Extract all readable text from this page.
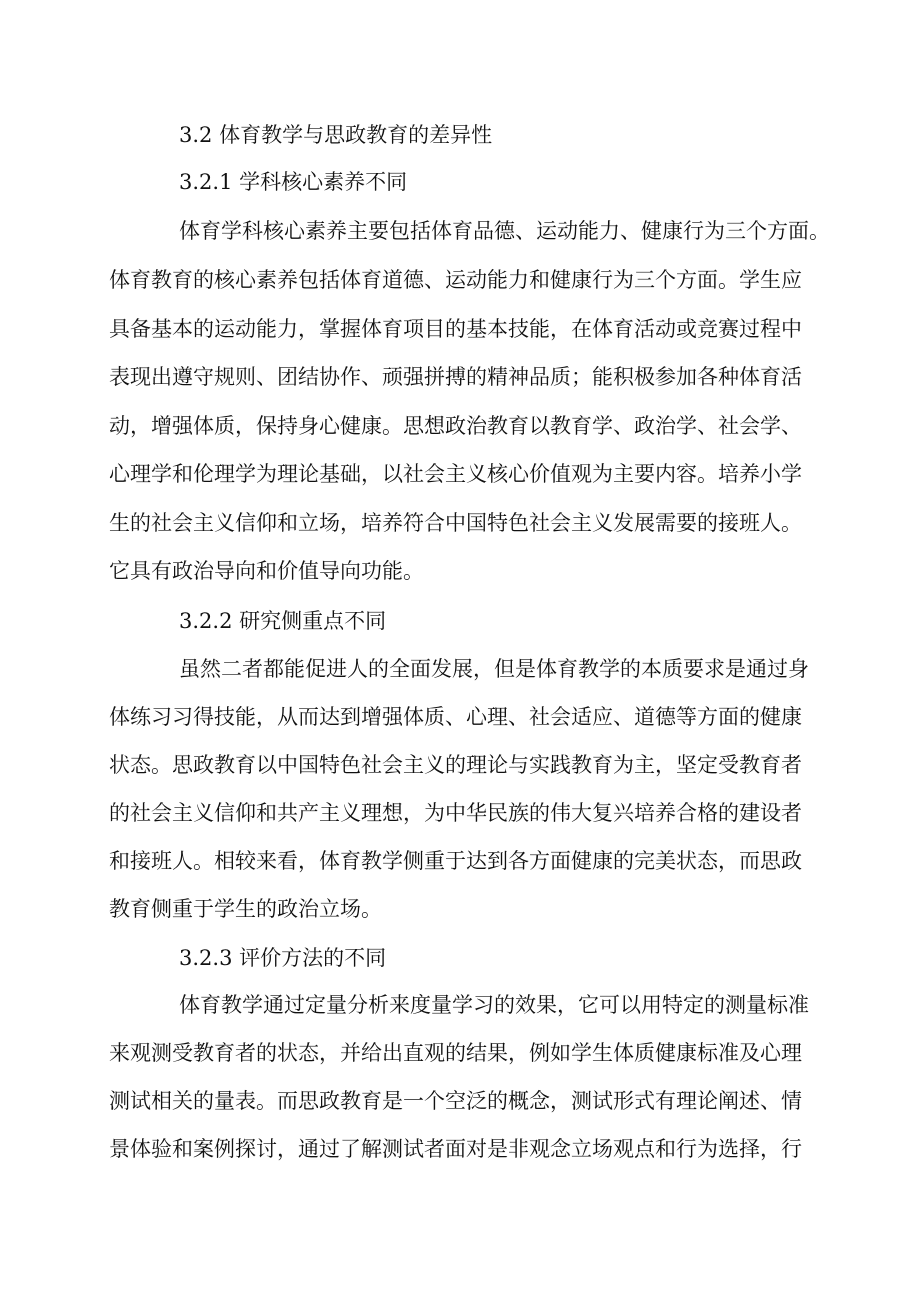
3.2 体育教学与思政教育的差异性
3.2.1 学科核心素养不同
体育学科核心素养主要包括体育品德、运动能力、健康行为三个方面。
体育教育的核心素养包括体育道德、运动能力和健康行为三个方面。学生应
具备基本的运动能力，掌握体育项目的基本技能，在体育活动或竞赛过程中
表现出遵守规则、团结协作、顽强拼搏的精神品质；能积极参加各种体育活
动，增强体质，保持身心健康。思想政治教育以教育学、政治学、社会学、
心理学和伦理学为理论基础，以社会主义核心价值观为主要内容。培养小学
生的社会主义信仰和立场，培养符合中国特色社会主义发展需要的接班人。
它具有政治导向和价值导向功能。
3.2.2 研究侧重点不同
虽然二者都能促进人的全面发展，但是体育教学的本质要求是通过身
体练习习得技能，从而达到增强体质、心理、社会适应、道德等方面的健康
状态。思政教育以中国特色社会主义的理论与实践教育为主，坚定受教育者
的社会主义信仰和共产主义理想，为中华民族的伟大复兴培养合格的建设者
和接班人。相较来看，体育教学侧重于达到各方面健康的完美状态，而思政
教育侧重于学生的政治立场。
3.2.3 评价方法的不同
体育教学通过定量分析来度量学习的效果，它可以用特定的测量标准
来观测受教育者的状态，并给出直观的结果，例如学生体质健康标准及心理
测试相关的量表。而思政教育是一个空泛的概念，测试形式有理论阐述、情
景体验和案例探讨，通过了解测试者面对是非观念立场观点和行为选择，行
